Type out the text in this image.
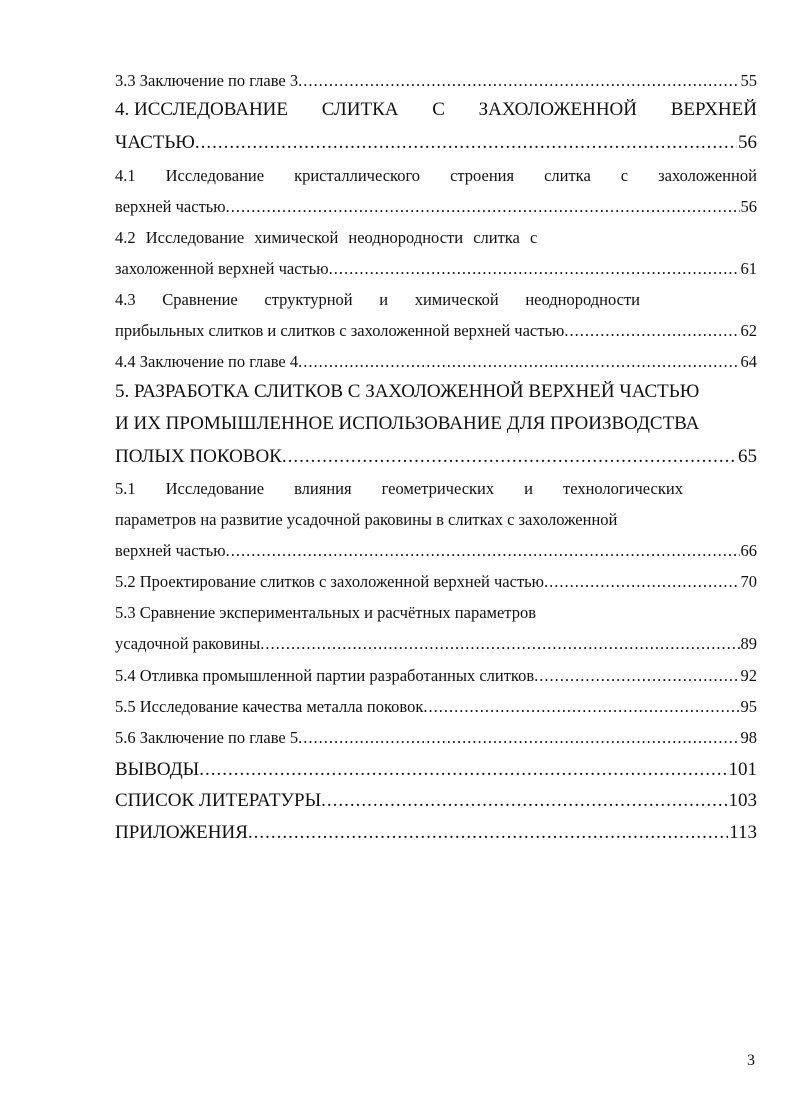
3.3 Заключение по главе 3 .....	55
4. ИССЛЕДОВАНИЕ СЛИТКА С ЗАХОЛОЖЕННОЙ ВЕРХНЕЙ
ЧАСТЬЮ .....	56
4.1 Исследование кристаллического строения слитка с захоложенной
верхней частью .....	56
4.2 Исследование химической неоднородности слитка с
захоложенной верхней частью .....	61
4.3 Сравнение структурной и химической неоднородности
прибыльных слитков и слитков с захоложенной верхней частью .....	62
4.4 Заключение по главе 4 .....	64
5. РАЗРАБОТКА СЛИТКОВ С ЗАХОЛОЖЕННОЙ ВЕРХНЕЙ ЧАСТЬЮ
И ИХ ПРОМЫШЛЕННОЕ ИСПОЛЬЗОВАНИЕ ДЛЯ ПРОИЗВОДСТВА
ПОЛЫХ ПОКОВОК .....	65
5.1 Исследование влияния геометрических и технологических
параметров на развитие усадочной раковины в слитках с захоложенной
верхней частью .....	66
5.2 Проектирование слитков с захоложенной верхней частью .....	70
5.3 Сравнение экспериментальных и расчётных параметров
усадочной раковины .....	89
5.4 Отливка промышленной партии разработанных слитков .....	92
5.5 Исследование качества металла поковок .....	95
5.6 Заключение по главе 5 .....	98
ВЫВОДЫ .....	101
СПИСОК ЛИТЕРАТУРЫ .....	103
ПРИЛОЖЕНИЯ .....	113
3
